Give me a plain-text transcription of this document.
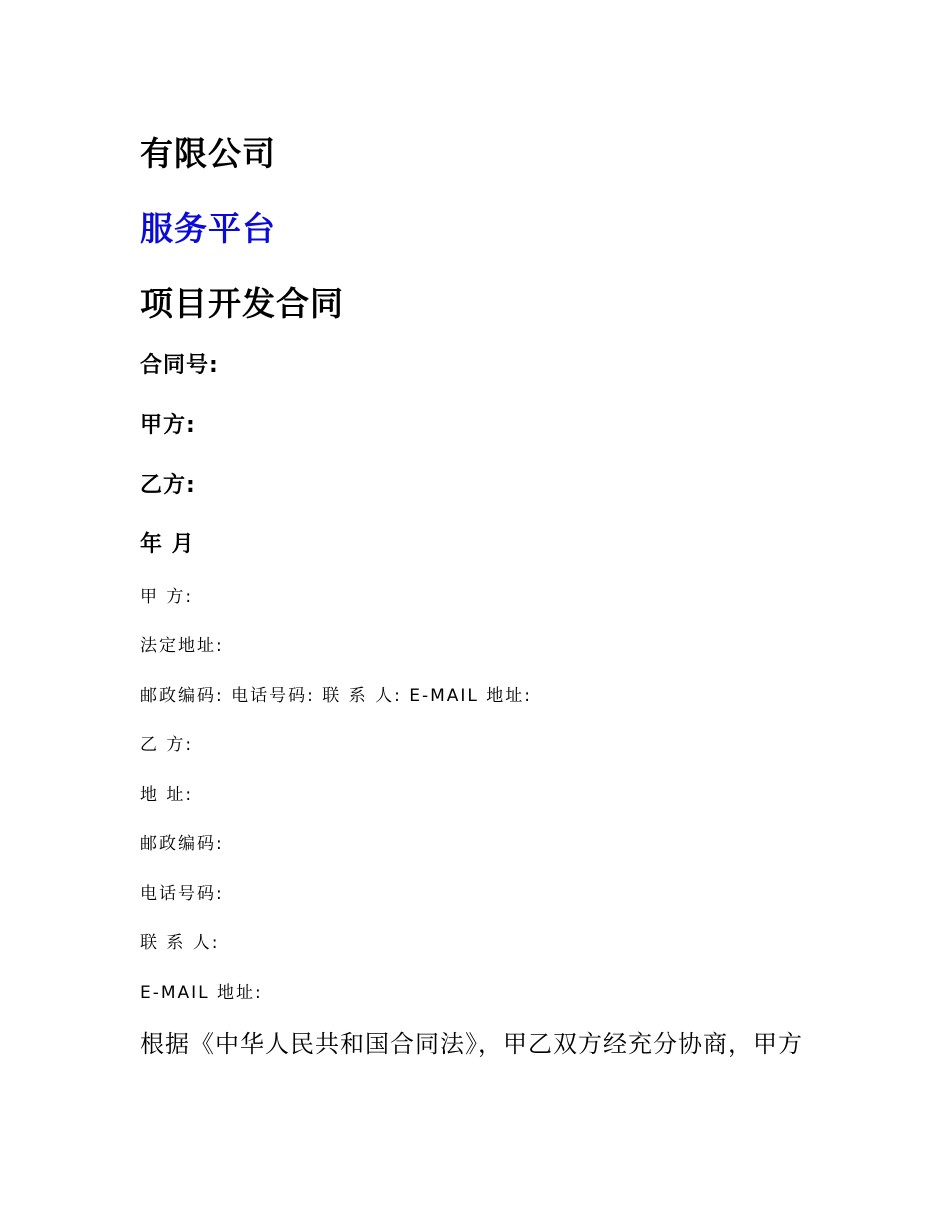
有限公司
服务平台
项目开发合同
合同号:
甲方:
乙方:
年 月
甲 方:
法定地址:
邮政编码: 电话号码: 联 系 人: E-MAIL 地址:
乙 方:
地 址:
邮政编码:
电话号码:
联 系 人:
E-MAIL 地址:

根据《中华人民共和国合同法》，甲乙双方经充分协商，甲方
